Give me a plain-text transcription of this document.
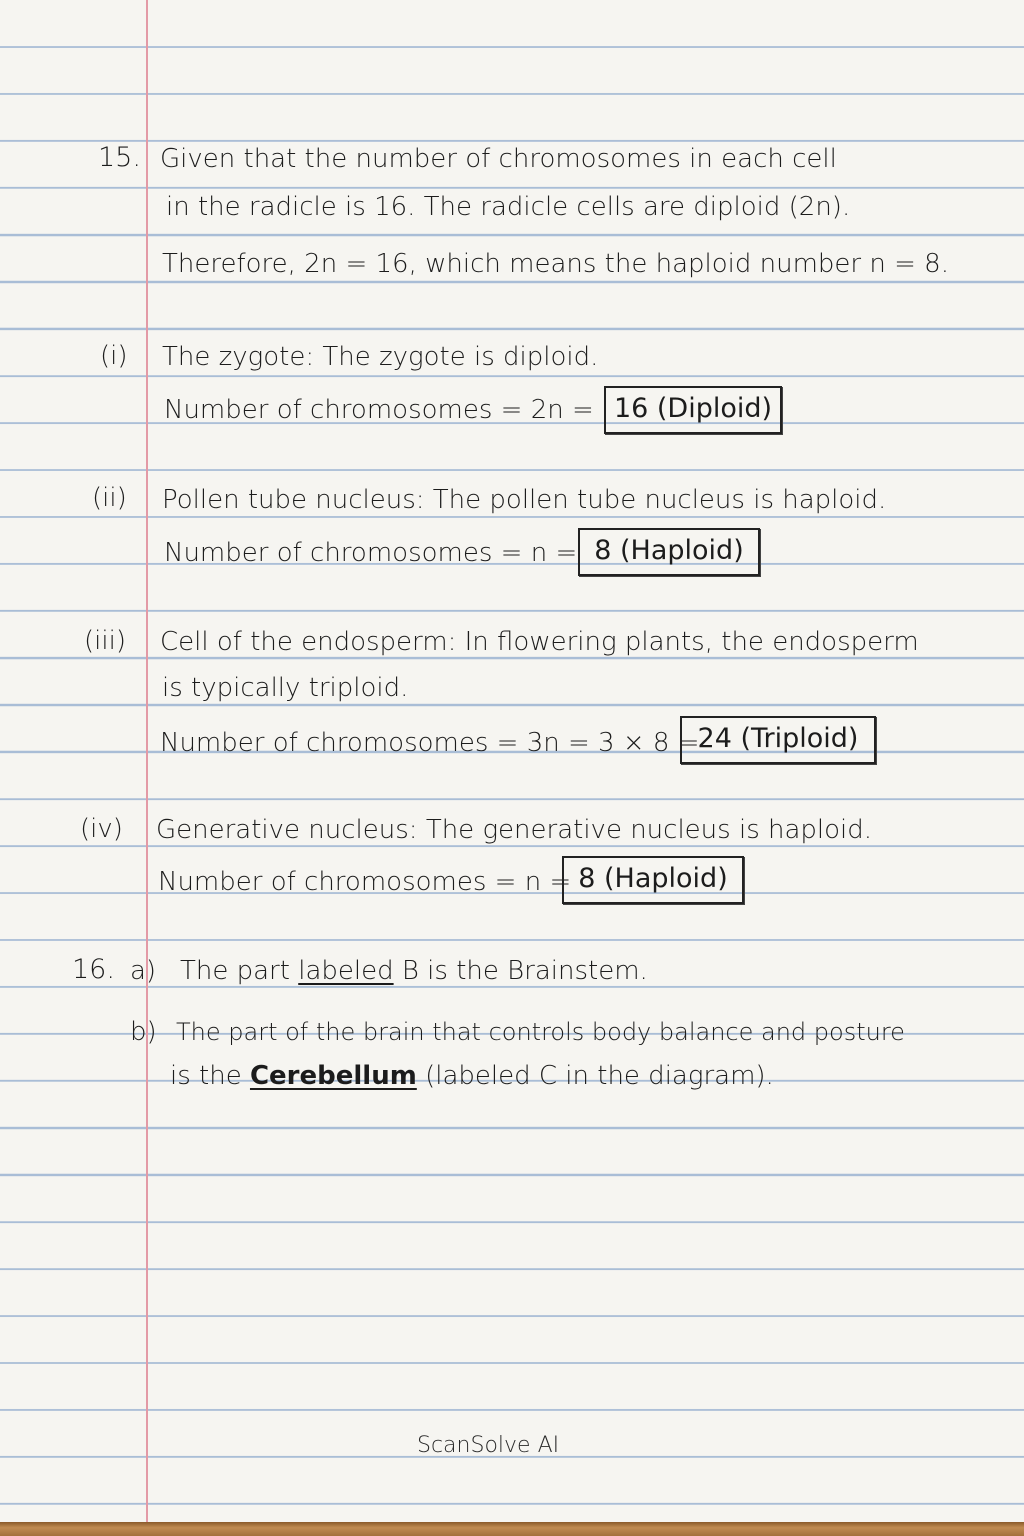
15. Given that the number of chromosomes in each cell
in the radicle is 16. The radicle cells are diploid (2n).
Therefore, 2n = 16, which means the haploid number n = 8.
(i) The zygote: The zygote is diploid.
Number of chromosomes = 2n = 16 (Diploid)
(ii) Pollen tube nucleus: The pollen tube nucleus is haploid.
Number of chromosomes = n = 8 (Haploid)
(iii) Cell of the endosperm: In flowering plants, the endosperm
is typically triploid.
Number of chromosomes = 3n = 3 × 8 =
24 (Triploid)
(iv) Generative nucleus: The generative nucleus is haploid.
Number of chromosomes = n = 8 (Haploid)
16. a) The part labeled B is the Brainstem.
b) The part of the brain that controls body balance and posture
is the Cerebellum (labeled C in the diagram).
ScanSolve AI
